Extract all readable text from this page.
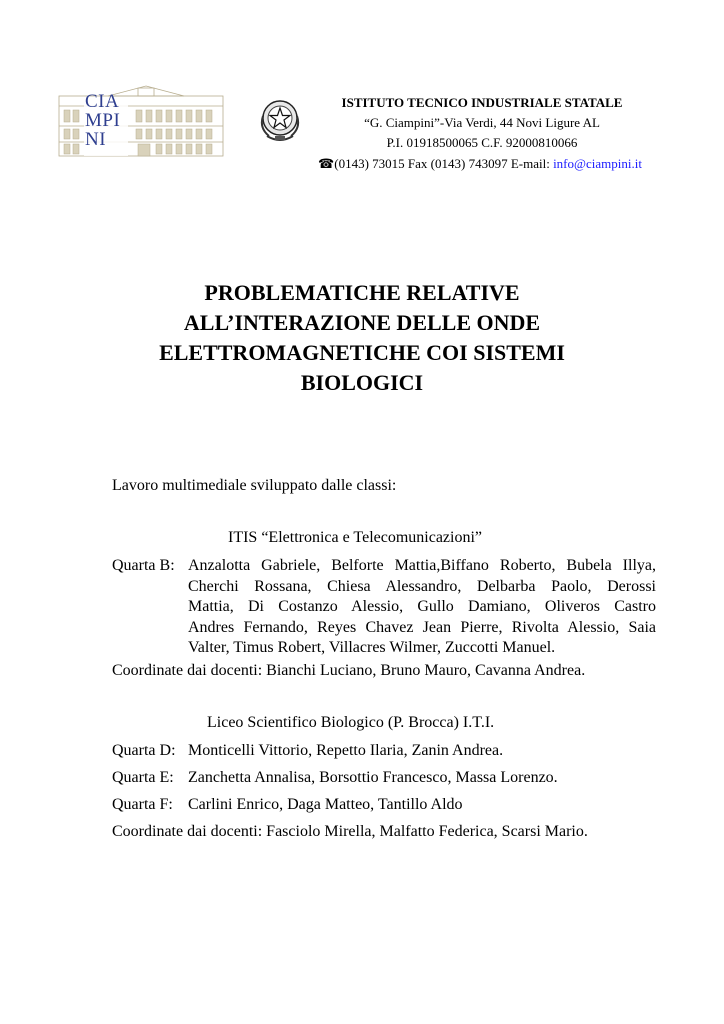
CIA
MPI
NI
ISTITUTO TECNICO INDUSTRIALE STATALE
“G. Ciampini”-Via Verdi, 44 Novi Ligure AL
P.I. 01918500065 C.F. 92000810066
☎(0143) 73015 Fax (0143) 743097 E-mail: info@ciampini.it
PROBLEMATICHE RELATIVE
ALL’INTERAZIONE DELLE ONDE
ELETTROMAGNETICHE COI SISTEMI
BIOLOGICI
Lavoro multimediale sviluppato dalle classi:
ITIS “Elettronica e Telecomunicazioni”
Quarta B: Anzalotta Gabriele, Belforte Mattia,Biffano Roberto, Bubela Illya,
Cherchi Rossana, Chiesa Alessandro, Delbarba Paolo, Derossi
Mattia, Di Costanzo Alessio, Gullo Damiano, Oliveros Castro
Andres Fernando, Reyes Chavez Jean Pierre, Rivolta Alessio, Saia
Valter, Timus Robert, Villacres Wilmer, Zuccotti Manuel.
Coordinate dai docenti: Bianchi Luciano, Bruno Mauro, Cavanna Andrea.
Liceo Scientifico Biologico (P. Brocca) I.T.I.
Quarta D: Monticelli Vittorio, Repetto Ilaria, Zanin Andrea.
Quarta E: Zanchetta Annalisa, Borsottio Francesco, Massa Lorenzo.
Quarta F: Carlini Enrico, Daga Matteo, Tantillo Aldo
Coordinate dai docenti: Fasciolo Mirella, Malfatto Federica, Scarsi Mario.
